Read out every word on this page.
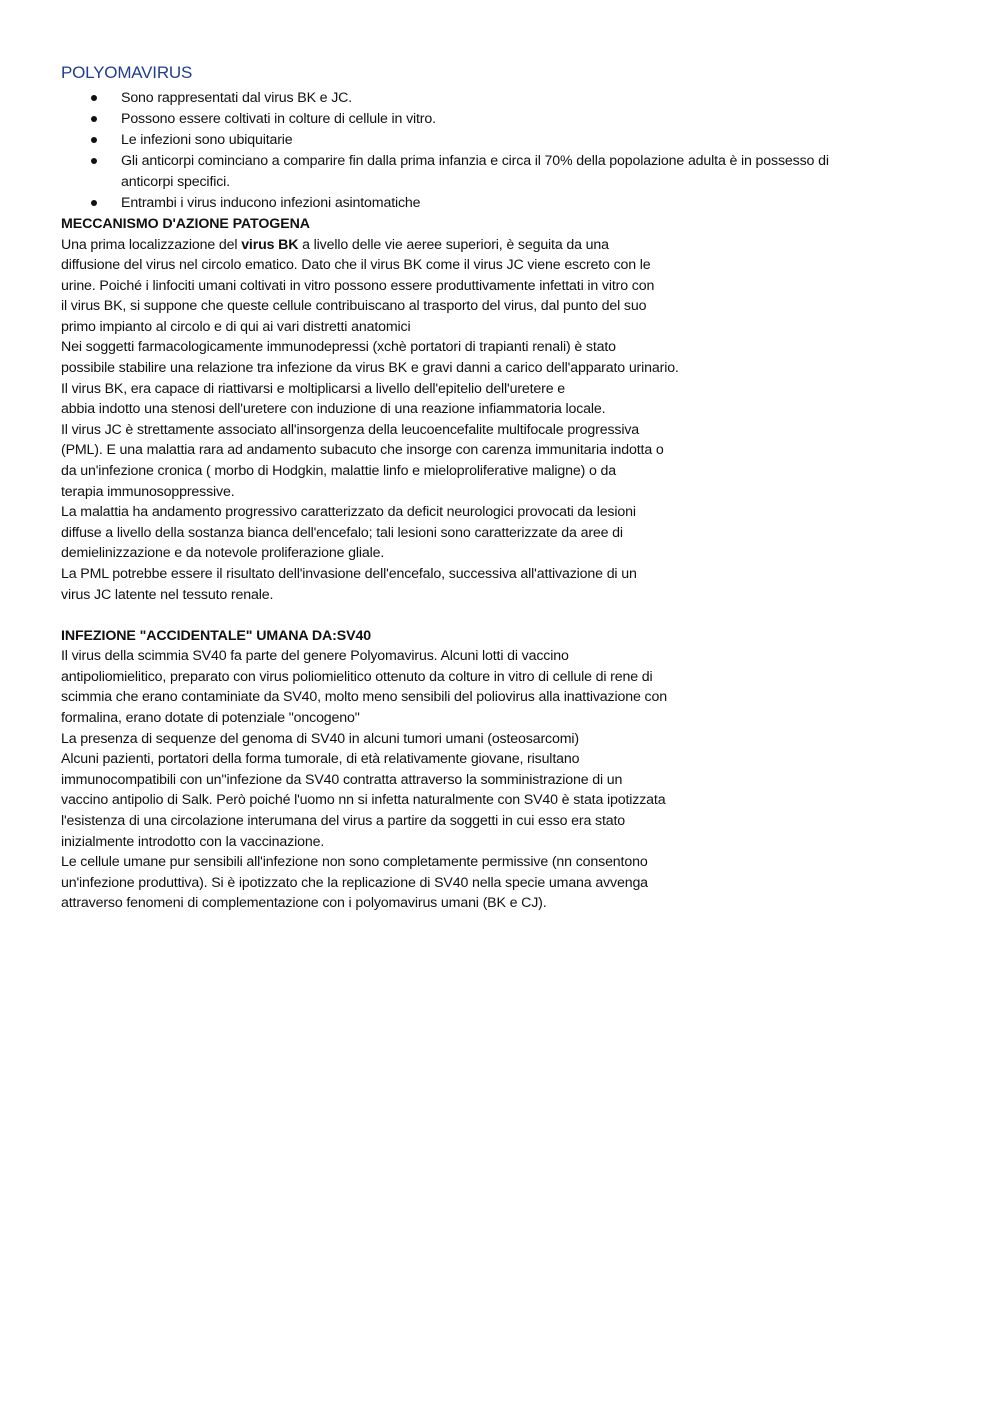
POLYOMAVIRUS
Sono rappresentati dal virus BK e JC.
Possono essere coltivati in colture di cellule in vitro.
Le infezioni sono ubiquitarie
Gli anticorpi cominciano a comparire fin dalla prima infanzia e circa il 70% della popolazione adulta è in possesso di
anticorpi specifici.
Entrambi i virus inducono infezioni asintomatiche

MECCANISMO D'AZIONE PATOGENA

Una prima localizzazione del virus BK a livello delle vie aeree superiori, è seguita da una

diffusione del virus nel circolo ematico. Dato che il virus BK come il virus JC viene escreto con le

urine. Poiché i linfociti umani coltivati in vitro possono essere produttivamente infettati in vitro con

il virus BK, si suppone che queste cellule contribuiscano al trasporto del virus, dal punto del suo

primo impianto al circolo e di qui ai vari distretti anatomici

Nei soggetti farmacologicamente immunodepressi (xchè portatori di trapianti renali) è stato

possibile stabilire una relazione tra infezione da virus BK e gravi danni a carico dell'apparato urinario.

Il virus BK, era capace di riattivarsi e moltiplicarsi a livello dell'epitelio dell'uretere e

abbia indotto una stenosi dell'uretere con induzione di una reazione infiammatoria locale.

Il virus JC è strettamente associato all'insorgenza della leucoencefalite multifocale progressiva

(PML). E una malattia rara ad andamento subacuto che insorge con carenza immunitaria indotta o

da un'infezione cronica ( morbo di Hodgkin, malattie linfo e mieloproliferative maligne) o da

terapia immunosoppressive.

La malattia ha andamento progressivo caratterizzato da deficit neurologici provocati da lesioni

diffuse a livello della sostanza bianca dell'encefalo; tali lesioni sono caratterizzate da aree di

demielinizzazione e da notevole proliferazione gliale.

La PML potrebbe essere il risultato dell'invasione dell'encefalo, successiva all'attivazione di un

virus JC latente nel tessuto renale.

INFEZIONE "ACCIDENTALE" UMANA DA:SV40

Il virus della scimmia SV40 fa parte del genere Polyomavirus. Alcuni lotti di vaccino

antipoliomielitico, preparato con virus poliomielitico ottenuto da colture in vitro di cellule di rene di

scimmia che erano contaminiate da SV40, molto meno sensibili del poliovirus alla inattivazione con

formalina, erano dotate di potenziale "oncogeno"

La presenza di sequenze del genoma di SV40 in alcuni tumori umani (osteosarcomi)

Alcuni pazienti, portatori della forma tumorale, di età relativamente giovane, risultano

immunocompatibili con un''infezione da SV40 contratta attraverso la somministrazione di un

vaccino antipolio di Salk. Però poiché l'uomo nn si infetta naturalmente con SV40 è stata ipotizzata

l'esistenza di una circolazione interumana del virus a partire da soggetti in cui esso era stato

inizialmente introdotto con la vaccinazione.

Le cellule umane pur sensibili all'infezione non sono completamente permissive (nn consentono

un'infezione produttiva). Si è ipotizzato che la replicazione di SV40 nella specie umana avvenga

attraverso fenomeni di complementazione con i polyomavirus umani (BK e CJ).
